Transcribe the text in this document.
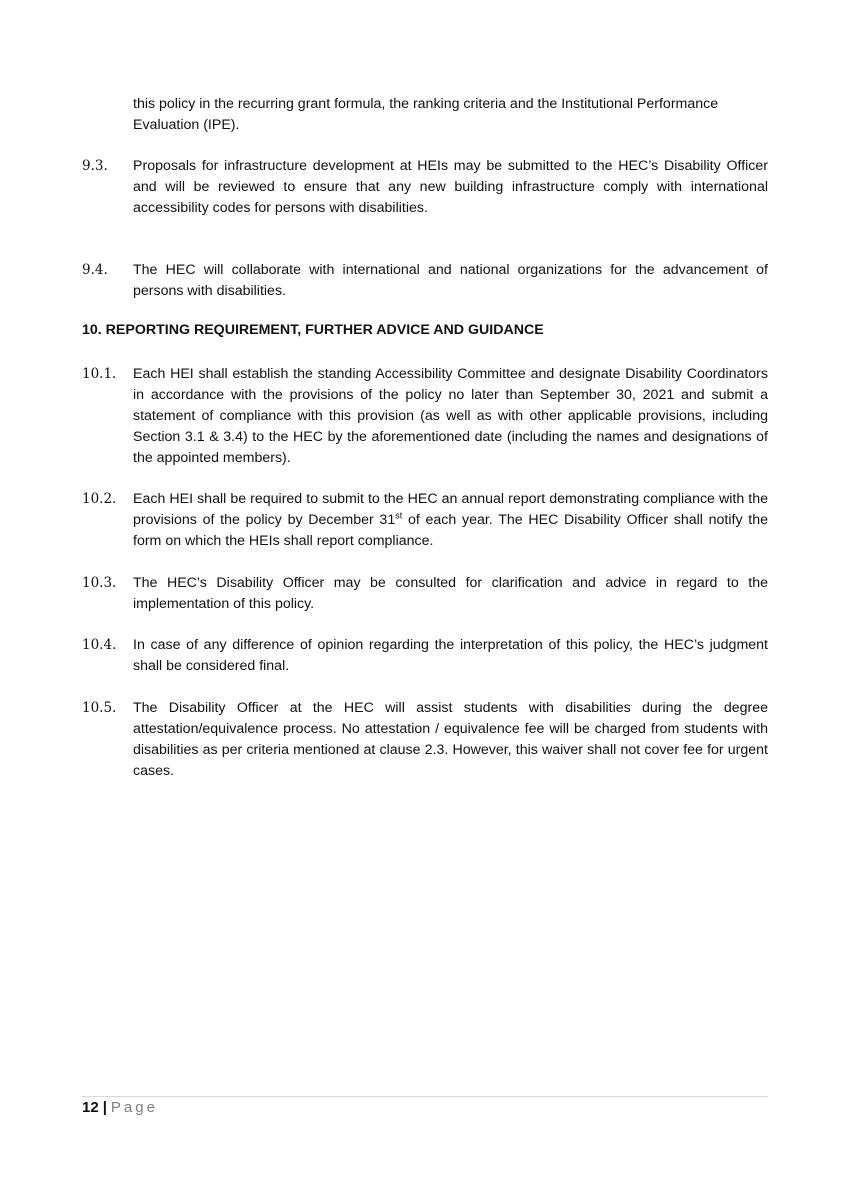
this policy in the recurring grant formula, the ranking criteria and the Institutional Performance Evaluation (IPE).
9.3. Proposals for infrastructure development at HEIs may be submitted to the HEC’s Disability Officer and will be reviewed to ensure that any new building infrastructure comply with international accessibility codes for persons with disabilities.
9.4. The HEC will collaborate with international and national organizations for the advancement of persons with disabilities.
10. REPORTING REQUIREMENT, FURTHER ADVICE AND GUIDANCE
10.1. Each HEI shall establish the standing Accessibility Committee and designate Disability Coordinators in accordance with the provisions of the policy no later than September 30, 2021 and submit a statement of compliance with this provision (as well as with other applicable provisions, including Section 3.1 & 3.4) to the HEC by the aforementioned date (including the names and designations of the appointed members).
10.2. Each HEI shall be required to submit to the HEC an annual report demonstrating compliance with the provisions of the policy by December 31st of each year. The HEC Disability Officer shall notify the form on which the HEIs shall report compliance.
10.3. The HEC’s Disability Officer may be consulted for clarification and advice in regard to the implementation of this policy.
10.4. In case of any difference of opinion regarding the interpretation of this policy, the HEC’s judgment shall be considered final.
10.5. The Disability Officer at the HEC will assist students with disabilities during the degree attestation/equivalence process. No attestation / equivalence fee will be charged from students with disabilities as per criteria mentioned at clause 2.3. However, this waiver shall not cover fee for urgent cases.
12 | Page
